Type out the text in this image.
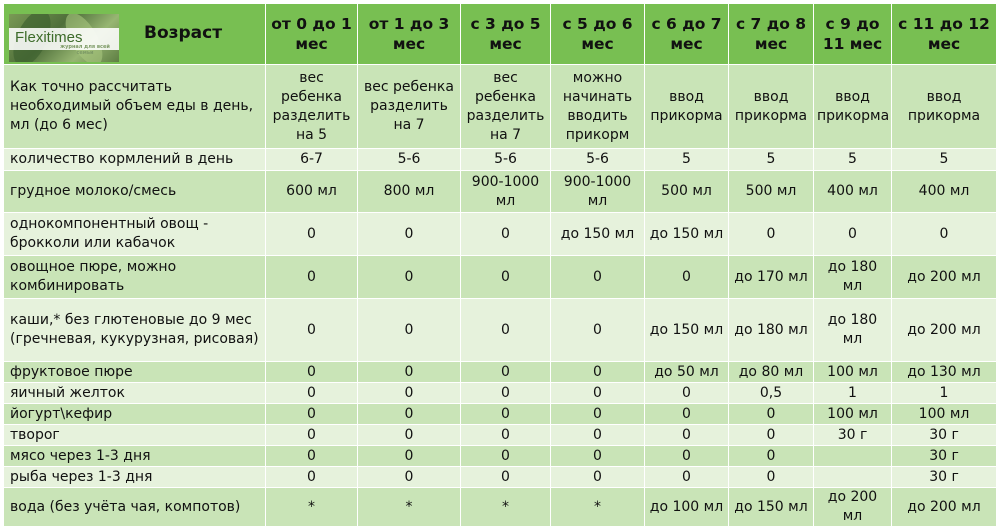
Flexitimes
журнал для всей семьи
Возраст	от 0 до 1 мес	от 1 до 3 мес	с 3 до 5 мес	с 5 до 6 мес	с 6 до 7 мес	с 7 до 8 мес	с 9 до 11 мес	с 11 до 12 мес
Как точно рассчитать необходимый объем еды в день, мл (до 6 мес)	вес ребенка разделить на 5	вес ребенка разделить на 7	вес ребенка разделить на 7	можно начинать вводить прикорм	ввод прикорма	ввод прикорма	ввод прикорма	ввод прикорма
количество кормлений в день	6-7	5-6	5-6	5-6	5	5	5	5
грудное молоко/смесь	600 мл	800 мл	900-1000 мл	900-1000 мл	500 мл	500 мл	400 мл	400 мл
однокомпонентный овощ - брокколи или кабачок	0	0	0	до 150 мл	до 150 мл	0	0	0
овощное пюре, можно комбинировать	0	0	0	0	0	до 170 мл	до 180 мл	до 200 мл
каши,* без глютеновые до 9 мес (гречневая, кукурузная, рисовая)	0	0	0	0	до 150 мл	до 180 мл	до 180 мл	до 200 мл
фруктовое пюре	0	0	0	0	до 50 мл	до 80 мл	100 мл	до 130 мл
яичный желток	0	0	0	0	0	0,5	1	1
йогурт\кефир	0	0	0	0	0	0	100 мл	100 мл
творог	0	0	0	0	0	0	30 г	30 г
мясо через 1-3 дня	0	0	0	0	0	0		30 г
рыба через 1-3 дня	0	0	0	0	0	0		30 г
вода (без учёта чая, компотов)	*	*	*	*	до 100 мл	до 150 мл	до 200 мл	до 200 мл
